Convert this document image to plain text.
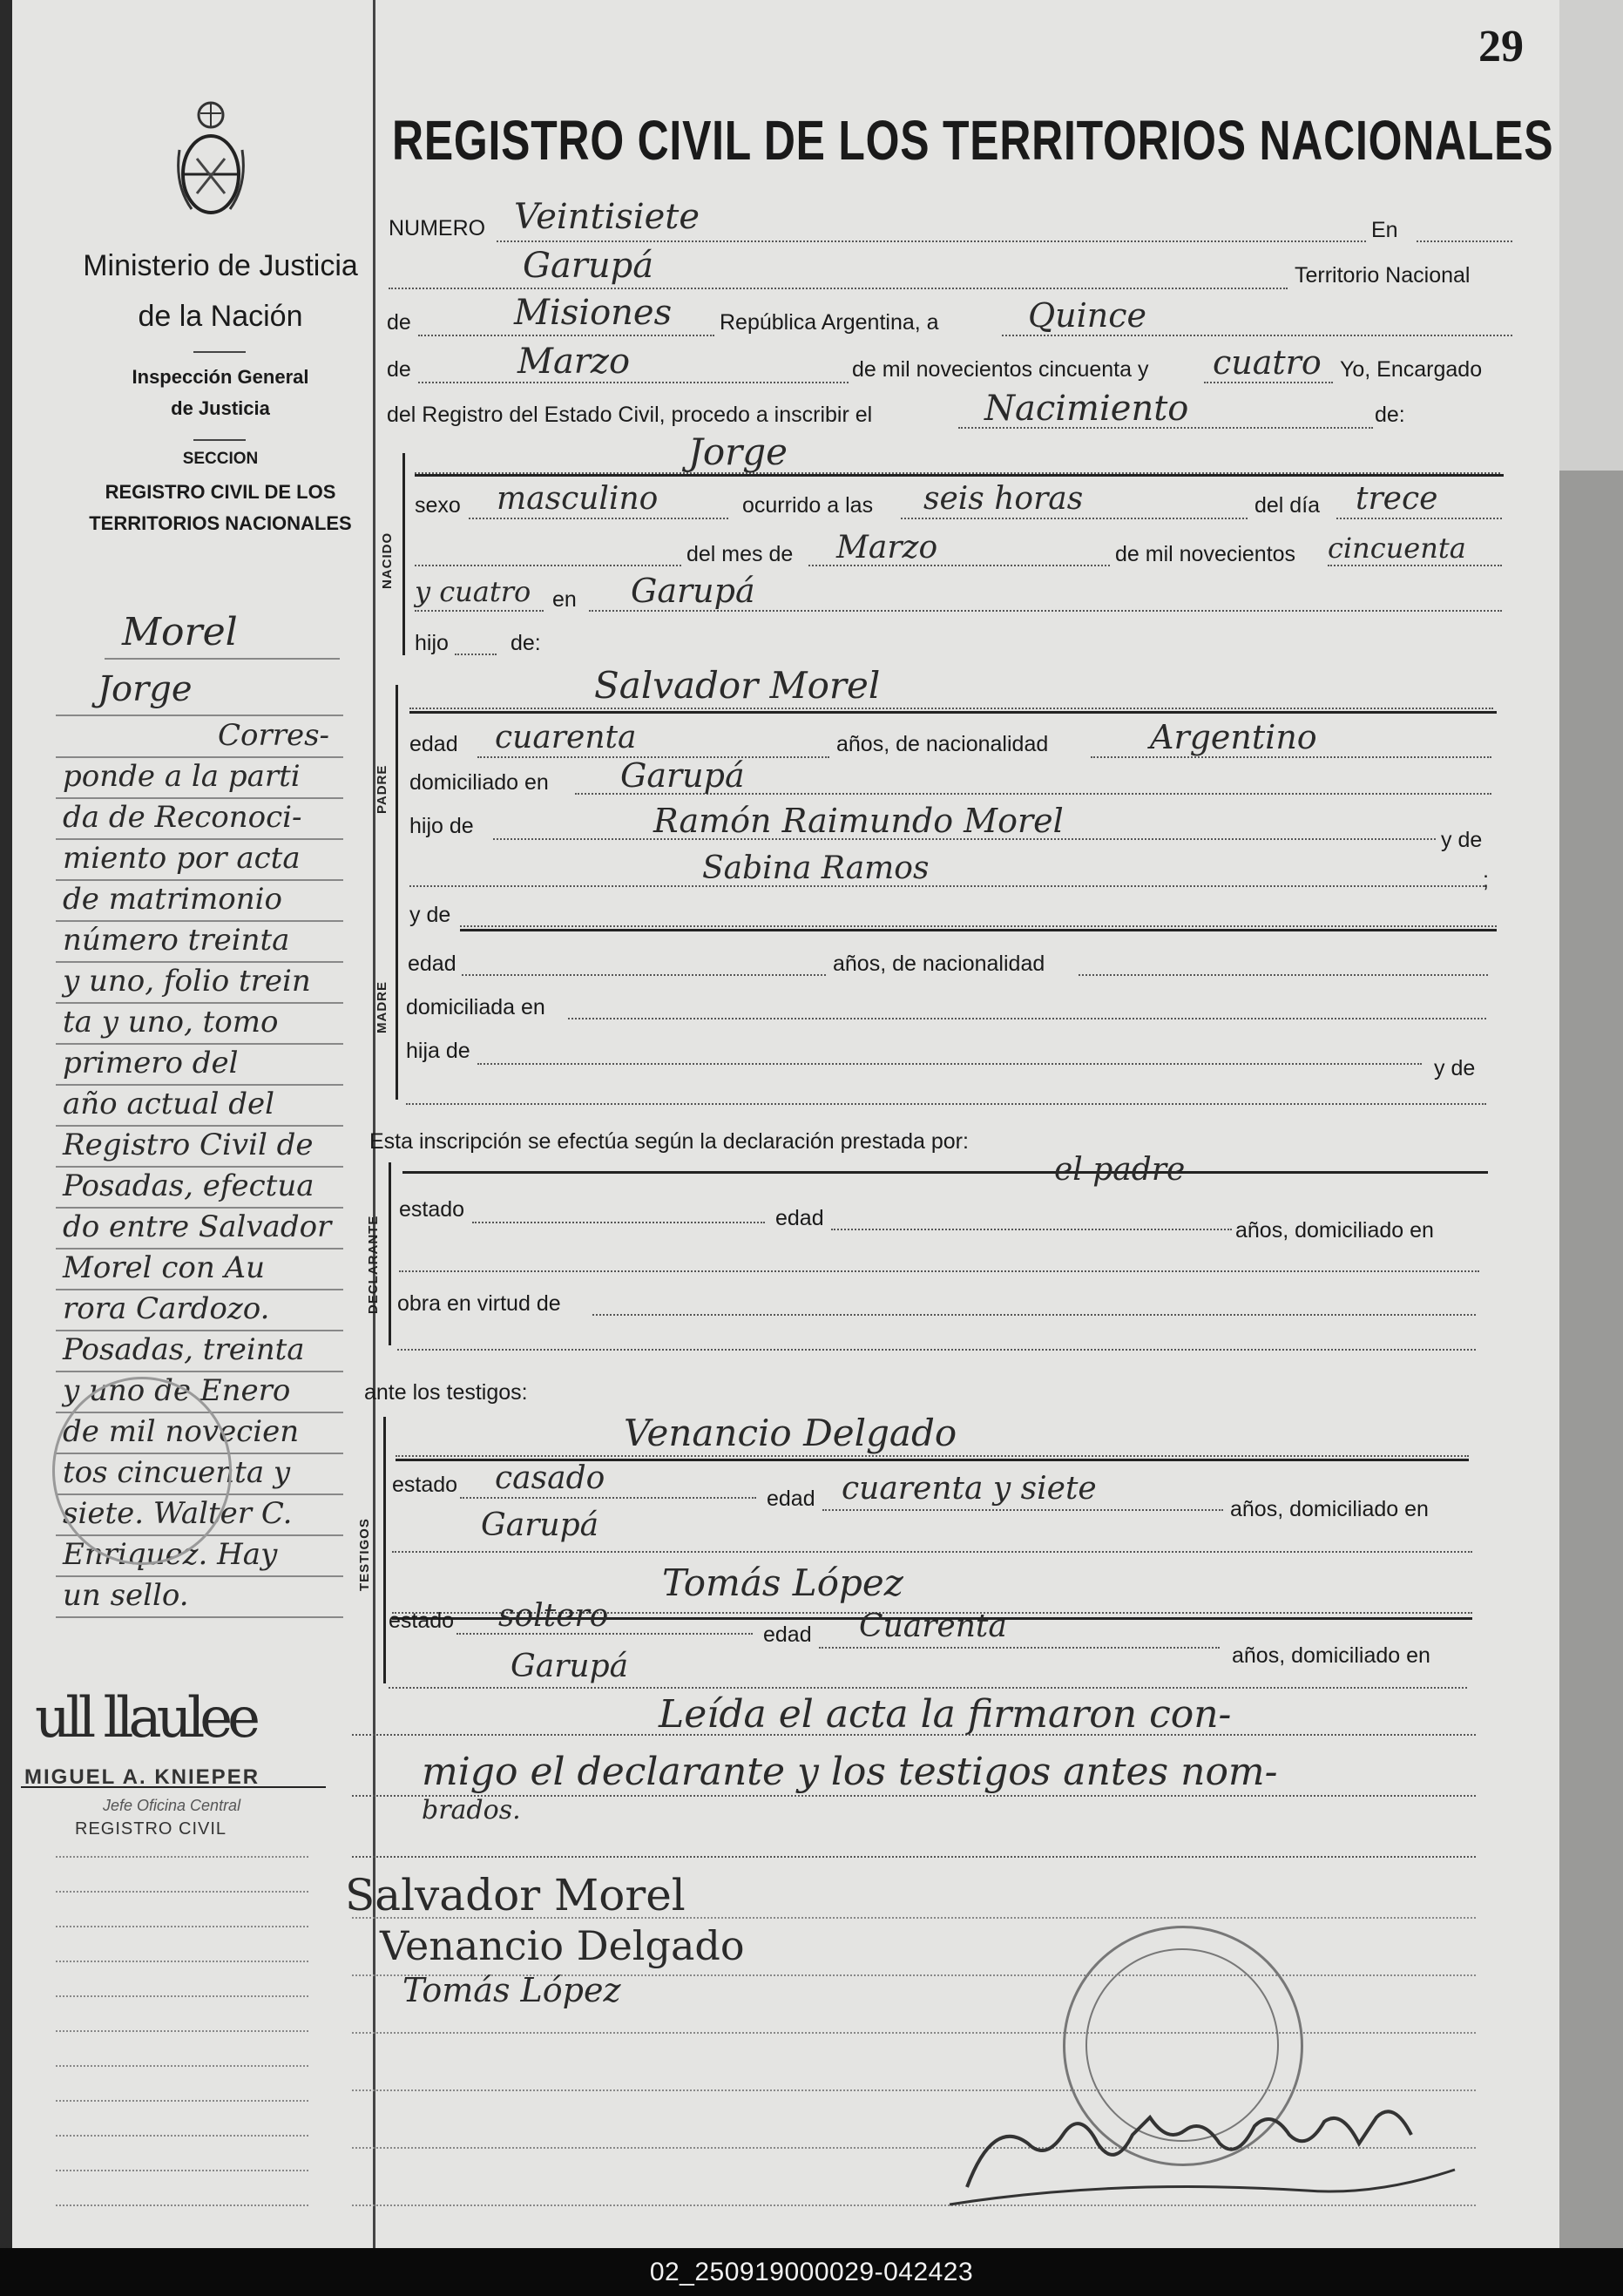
29
Ministerio de Justicia
de la Nación
Inspección General
de Justicia
SECCION
REGISTRO CIVIL DE LOS
TERRITORIOS NACIONALES
Morel
Jorge
Corres-
ponde a la parti
da de Reconoci-
miento por acta
de matrimonio
número treinta
y uno, folio trein
ta y uno, tomo
primero del
año actual del
Registro Civil de
Posadas, efectua
do entre Salvador
Morel con Au
rora Cardozo.
Posadas, treinta
y uno de Enero
de mil novecien
tos cincuenta y
siete. Walter C.
Enriquez. Hay
un sello.
ull llaulee
MIGUEL A. KNIEPER
Jefe Oficina Central
REGISTRO CIVIL
REGISTRO CIVIL DE LOS TERRITORIOS NACIONALES
NUMERO Veintisiete	En
Garupá	Territorio Nacional
de	Misiones República Argentina, a	Quince
de	Marzo	de mil novecientos cincuenta y cuatro Yo, Encargado
del Registro del Estado Civil, procedo a inscribir el	Nacimiento	de:
NACIDO
Jorge
sexo masculino	ocurrido a las seis horas	del día trece
del mes de Marzo	de mil novecientos cincuenta
y cuatro en Garupá
hijo	de:
PADRE
Salvador Morel
edad cuarenta	años, de nacionalidad	Argentino
domiciliado en Garupá
hijo de	Ramón Raimundo Morel	y de
Sabina Ramos	;
MADRE
y de
edad	años, de nacionalidad
domiciliada en
hija de
y de
Esta inscripción se efectúa según la declaración prestada por:
DECLARANTE
el padre
estado	edad	años, domiciliado en
obra en virtud de
ante los testigos:
TESTIGOS
Venancio Delgado
estado casado
edad cuarenta y siete
años, domiciliado en
Garupá
Tomás López
estado soltero
edad Cuarenta
años, domiciliado en
Garupá
Leída el acta la firmaron con-
migo el declarante y los testigos antes nom-
brados.
Salvador Morel
Venancio Delgado
Tomás López
02_250919000029-042423
